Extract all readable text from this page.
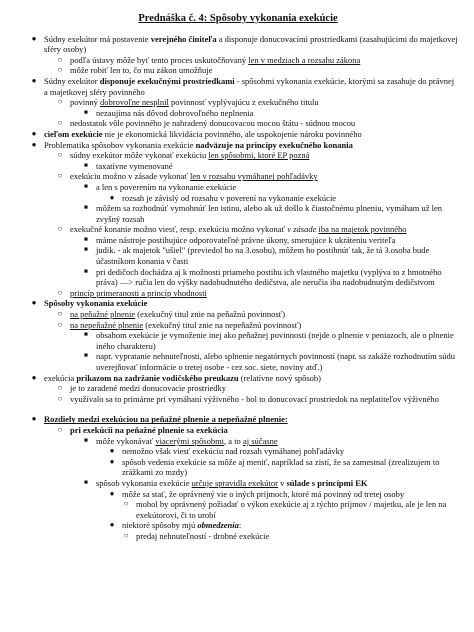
Prednáška č. 4: Spôsoby vykonania exekúcie
● Súdny exekútor má postavenie verejného činiteľa a disponuje donucovacími prostriedkami (zasahujúcimi do majetkovej sféry osoby)
○ podľa ústavy môže byť tento proces uskutočňovaný len v medziach a rozsahu zákona
○ môže robiť len to, čo mu zákon umožňuje
● Súdny exekútor disponuje exekučnými prostriedkami - spôsobmi vykonania exekúcie, ktorými sa zasahuje do právnej a majetkovej sféry povinného
○ povinný dobrovoľne nesplnil povinnosť vyplývajúcu z exekučného titulu
■ nezaujíma nás dôvod dobrovoľného neplnenia
○ nedostatok vôle povinného je nahradený donucovacou mocou štátu - súdnou mocou
● cieľom exekúcie nie je ekonomická likvidácia povinného, ale uspokojenie nároku povinného
● Problematika spôsobov vykonania exekúcie nadväzuje na princípy exekučného konania
○ súdny exekútor môže vykonať exekúciu len spôsobmi, ktoré EP pozná
■ taxatívne vymenované
○ exekúciu možno v zásade vykonať len v rozsahu vymáhanej pohľadávky
■ a len s poverením na vykonanie exekúcie
● rozsah je závislý od rozsahu v poverení na vykonanie exekúcie
■ môžem sa rozhodnúť vymohnúť len istinu, alebo ak už došlo k čiastočnému plneniu, vymáham už len zvyšný rozsah
○ exekučné konanie možno viesť, resp. exekúciu možno vykonať v zásade iba na majetok povinného
■ máme nástroje postihujúce odporovateľné právne úkony, smerujúce k ukráteniu veriteľa
■ judik. - ak majetok "ušiel" (previedol ho na 3.osobu), môžem ho postihnúť tak, že tá 3.osoba bude účastníkom konania v časti
■ pri dedičoch dochádza aj k možnosti priameho postihu ich vlastného majetku (vyplýva to z hmotného práva) —> ručia len do výšky nadobudnutého dedičstva, ale neručia iba nadobudnutým dedičstvom
○ princíp primeranosti a princíp vhodnosti
● Spôsoby vykonania exekúcie
○ na peňažné plnenie (exekučný titul znie na peňažnú povinnosť)
○ na nepeňažné plnenie (exekučný titul znie na nepeňažnú povinnosť)
■ obsahom exekúcie je vymoženie inej ako peňažnej povinnosti (nejde o plnenie v peniazoch, ale o plnenie iného charakteru)
■ napr. vypratanie nehnuteľnosti, alebo splnenie negatórnych povinností (napr. sa zakáže rozhodnutím súdu uverejňovať informácie o tretej osobe - cez soc. siete, noviny atď.)
● exekúcia prikazom na zadržanie vodičského preukazu (relatívne nový spôsob)
○ je to zaradené medzi donucovacie prostriedky
○ využívalo sa to primárne pri vymáhaní výživného - bol to donucovací prostriedok na neplatiteľov výživného
● Rozdiely medzi exekúciou na peňažné plnenie a nepeňažné plnenie:
○ pri exekúcii na peňažné plnenie sa exekúcia
■ môže vykonávať viacerými spôsobmi, a to aj súčasne
● nemožno však viesť exekúciu nad rozsah vymáhanej pohľadávky
● spôsob vedenia exekúcie sa môže aj meniť, napríklad sa zistí, že sa zamestnal (zrealizujem to zrážkami zo mzdy)
■ spôsob vykonania exekúcie určuje spravidla exekútor v súlade s princípmi EK
● môže sa stať, že oprávnený vie o iných príjmoch, ktoré má povinný od tretej osoby
○ mohol by oprávnený požiadať o výkon exekúcie aj z týchto príjmov / majetku, ale je len na exekútorovi, či to urobí
● niektoré spôsoby mjú obmedzenia:
○ predaj nehnuteľností - drobné exekúcie
